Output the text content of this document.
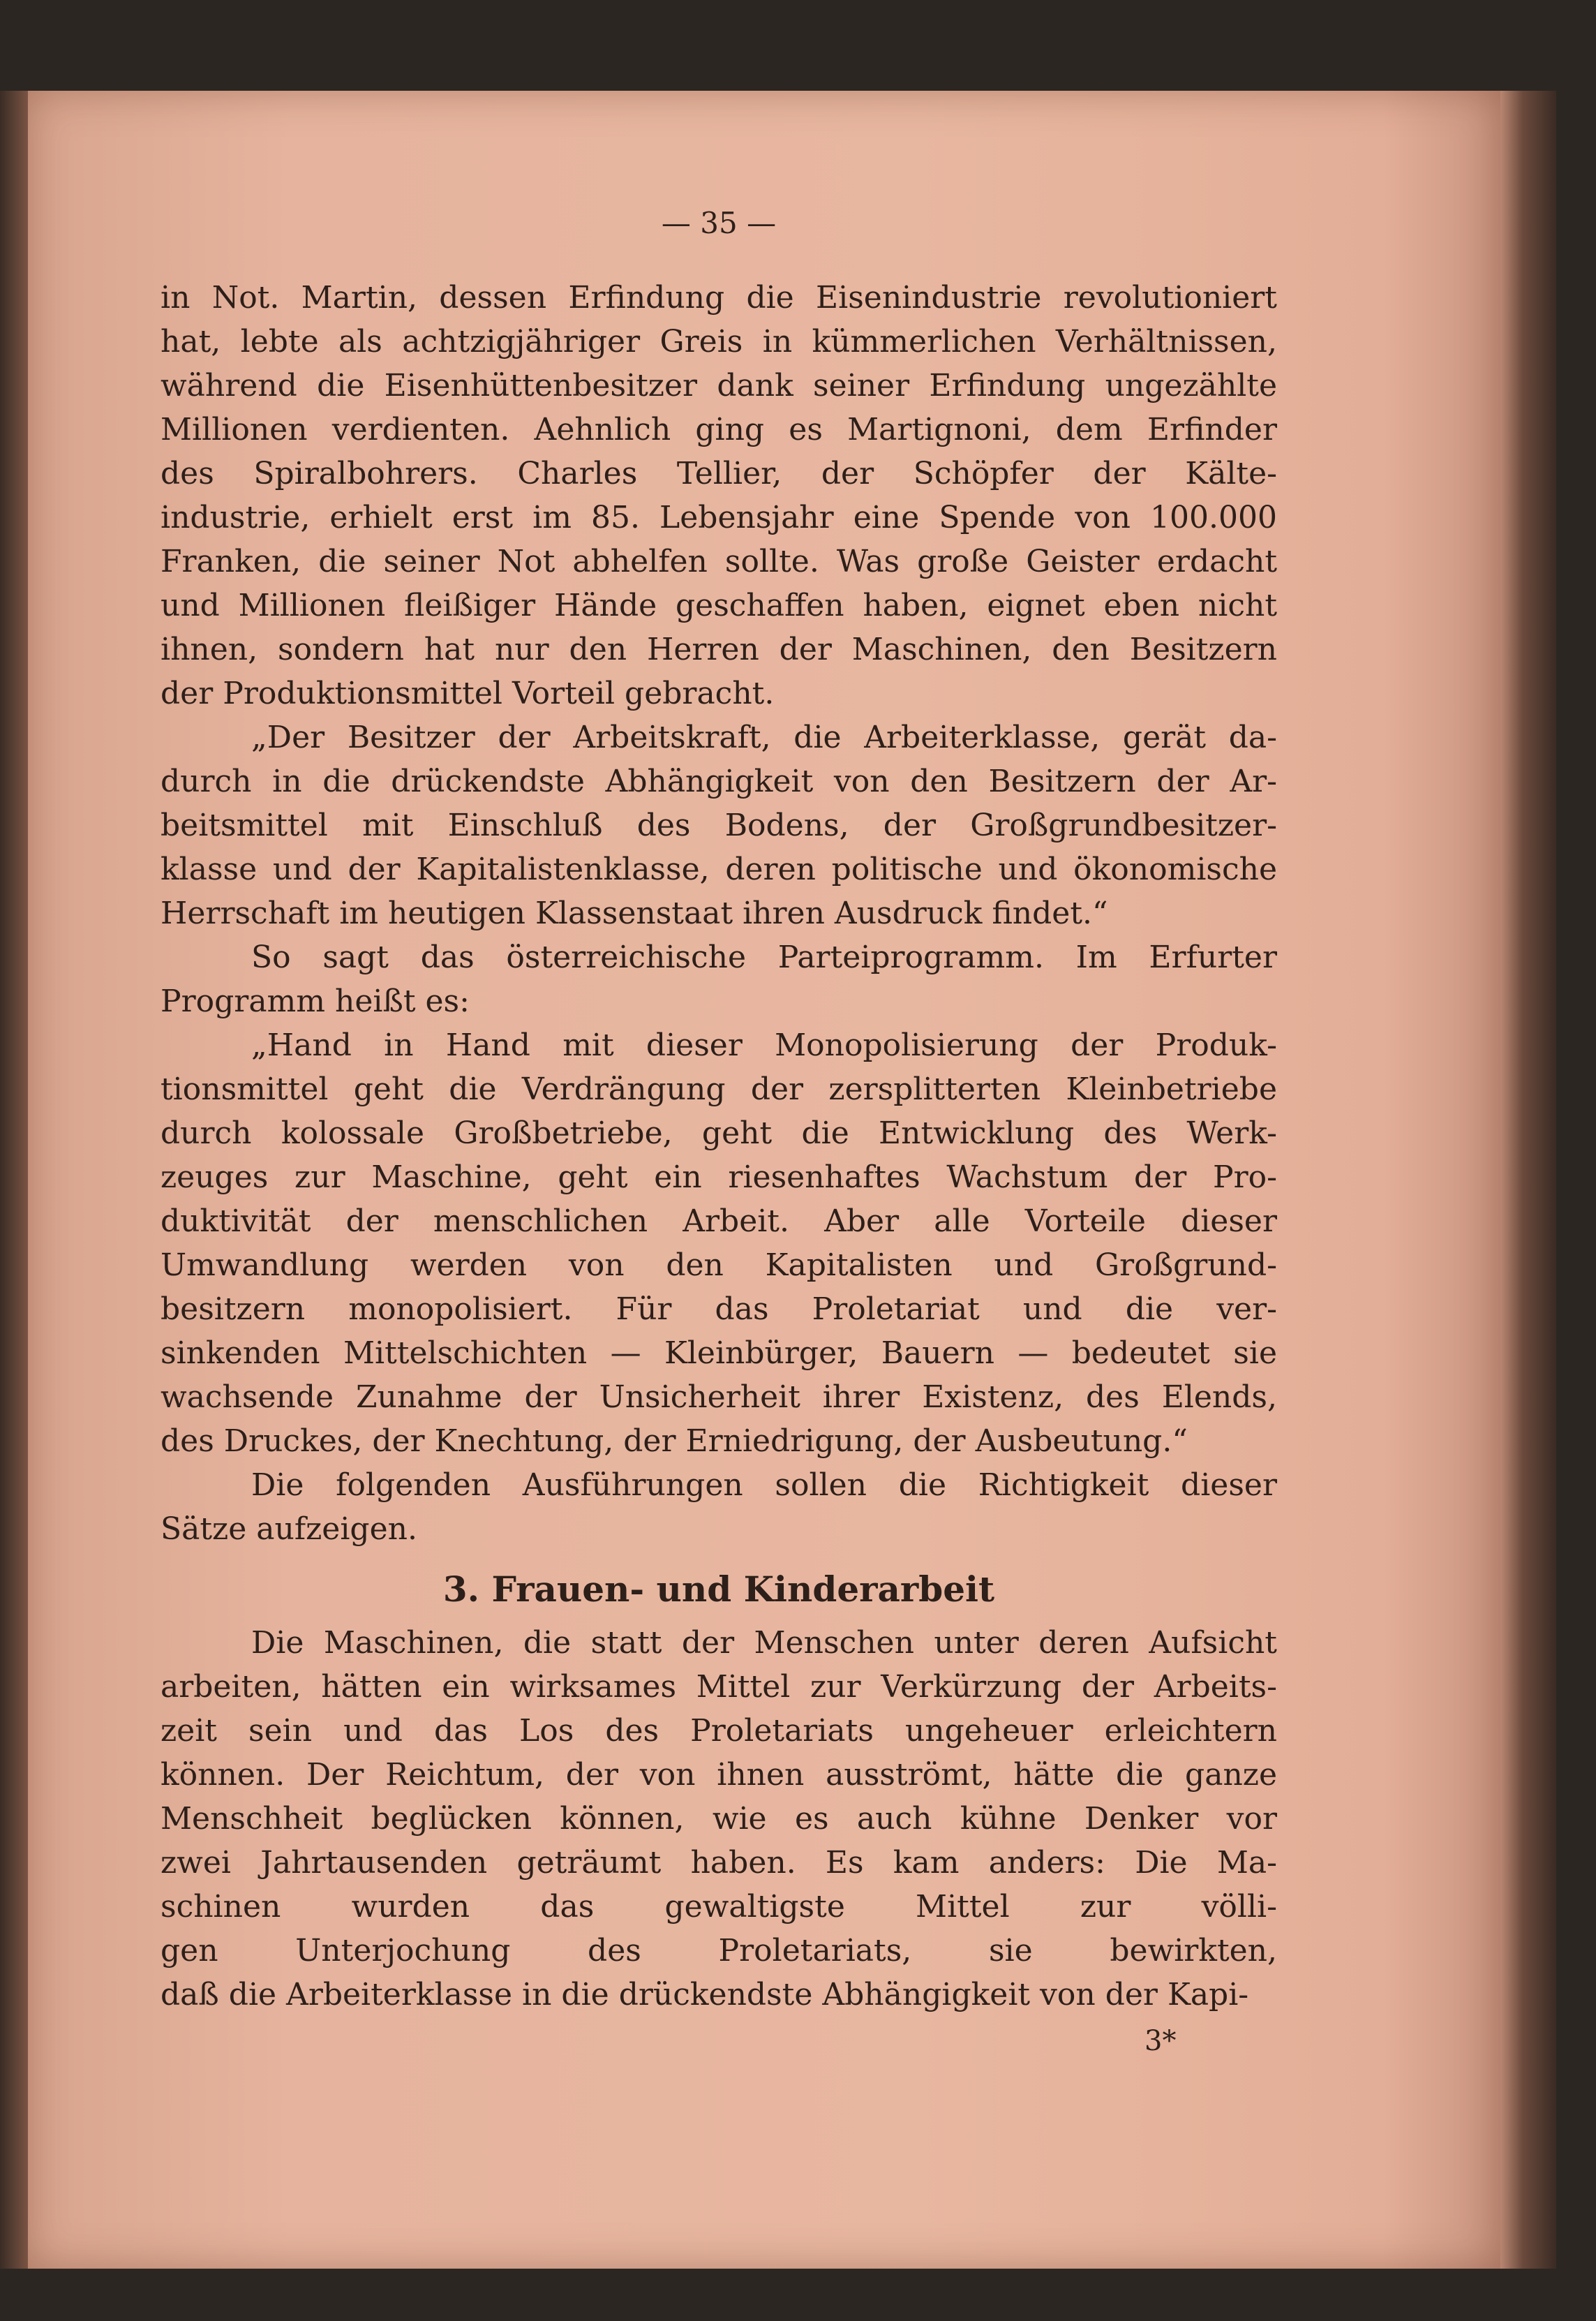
— 35 —
in Not. Martin, dessen Erfindung die Eisenindustrie revolutioniert
hat, lebte als achtzigjähriger Greis in kümmerlichen Verhältnissen,
während die Eisenhüttenbesitzer dank seiner Erfindung ungezählte
Millionen verdienten. Aehnlich ging es Martignoni, dem Erfinder
des Spiralbohrers. Charles Tellier, der Schöpfer der Kälte-
industrie, erhielt erst im 85. Lebensjahr eine Spende von 100.000
Franken, die seiner Not abhelfen sollte. Was große Geister erdacht
und Millionen fleißiger Hände geschaffen haben, eignet eben nicht
ihnen, sondern hat nur den Herren der Maschinen, den Besitzern
der Produktionsmittel Vorteil gebracht.
„Der Besitzer der Arbeitskraft, die Arbeiterklasse, gerät da-
durch in die drückendste Abhängigkeit von den Besitzern der Ar-
beitsmittel mit Einschluß des Bodens, der Großgrundbesitzer-
klasse und der Kapitalistenklasse, deren politische und ökonomische
Herrschaft im heutigen Klassenstaat ihren Ausdruck findet.“
So sagt das österreichische Parteiprogramm. Im Erfurter
Programm heißt es:
„Hand in Hand mit dieser Monopolisierung der Produk-
tionsmittel geht die Verdrängung der zersplitterten Kleinbetriebe
durch kolossale Großbetriebe, geht die Entwicklung des Werk-
zeuges zur Maschine, geht ein riesenhaftes Wachstum der Pro-
duktivität der menschlichen Arbeit. Aber alle Vorteile dieser
Umwandlung werden von den Kapitalisten und Großgrund-
besitzern monopolisiert. Für das Proletariat und die ver-
sinkenden Mittelschichten — Kleinbürger, Bauern — bedeutet sie
wachsende Zunahme der Unsicherheit ihrer Existenz, des Elends,
des Druckes, der Knechtung, der Erniedrigung, der Ausbeutung.“
Die folgenden Ausführungen sollen die Richtigkeit dieser
Sätze aufzeigen.
Die Maschinen, die statt der Menschen unter deren Aufsicht
arbeiten, hätten ein wirksames Mittel zur Verkürzung der Arbeits-
zeit sein und das Los des Proletariats ungeheuer erleichtern
können. Der Reichtum, der von ihnen ausströmt, hätte die ganze
Menschheit beglücken können, wie es auch kühne Denker vor
zwei Jahrtausenden geträumt haben. Es kam anders: Die Ma-
schinen wurden das gewaltigste Mittel zur völli-
gen Unterjochung des Proletariats, sie bewirkten,
daß die Arbeiterklasse in die drückendste Abhängigkeit von der Kapi-
3. Frauen- und Kinderarbeit
3*
